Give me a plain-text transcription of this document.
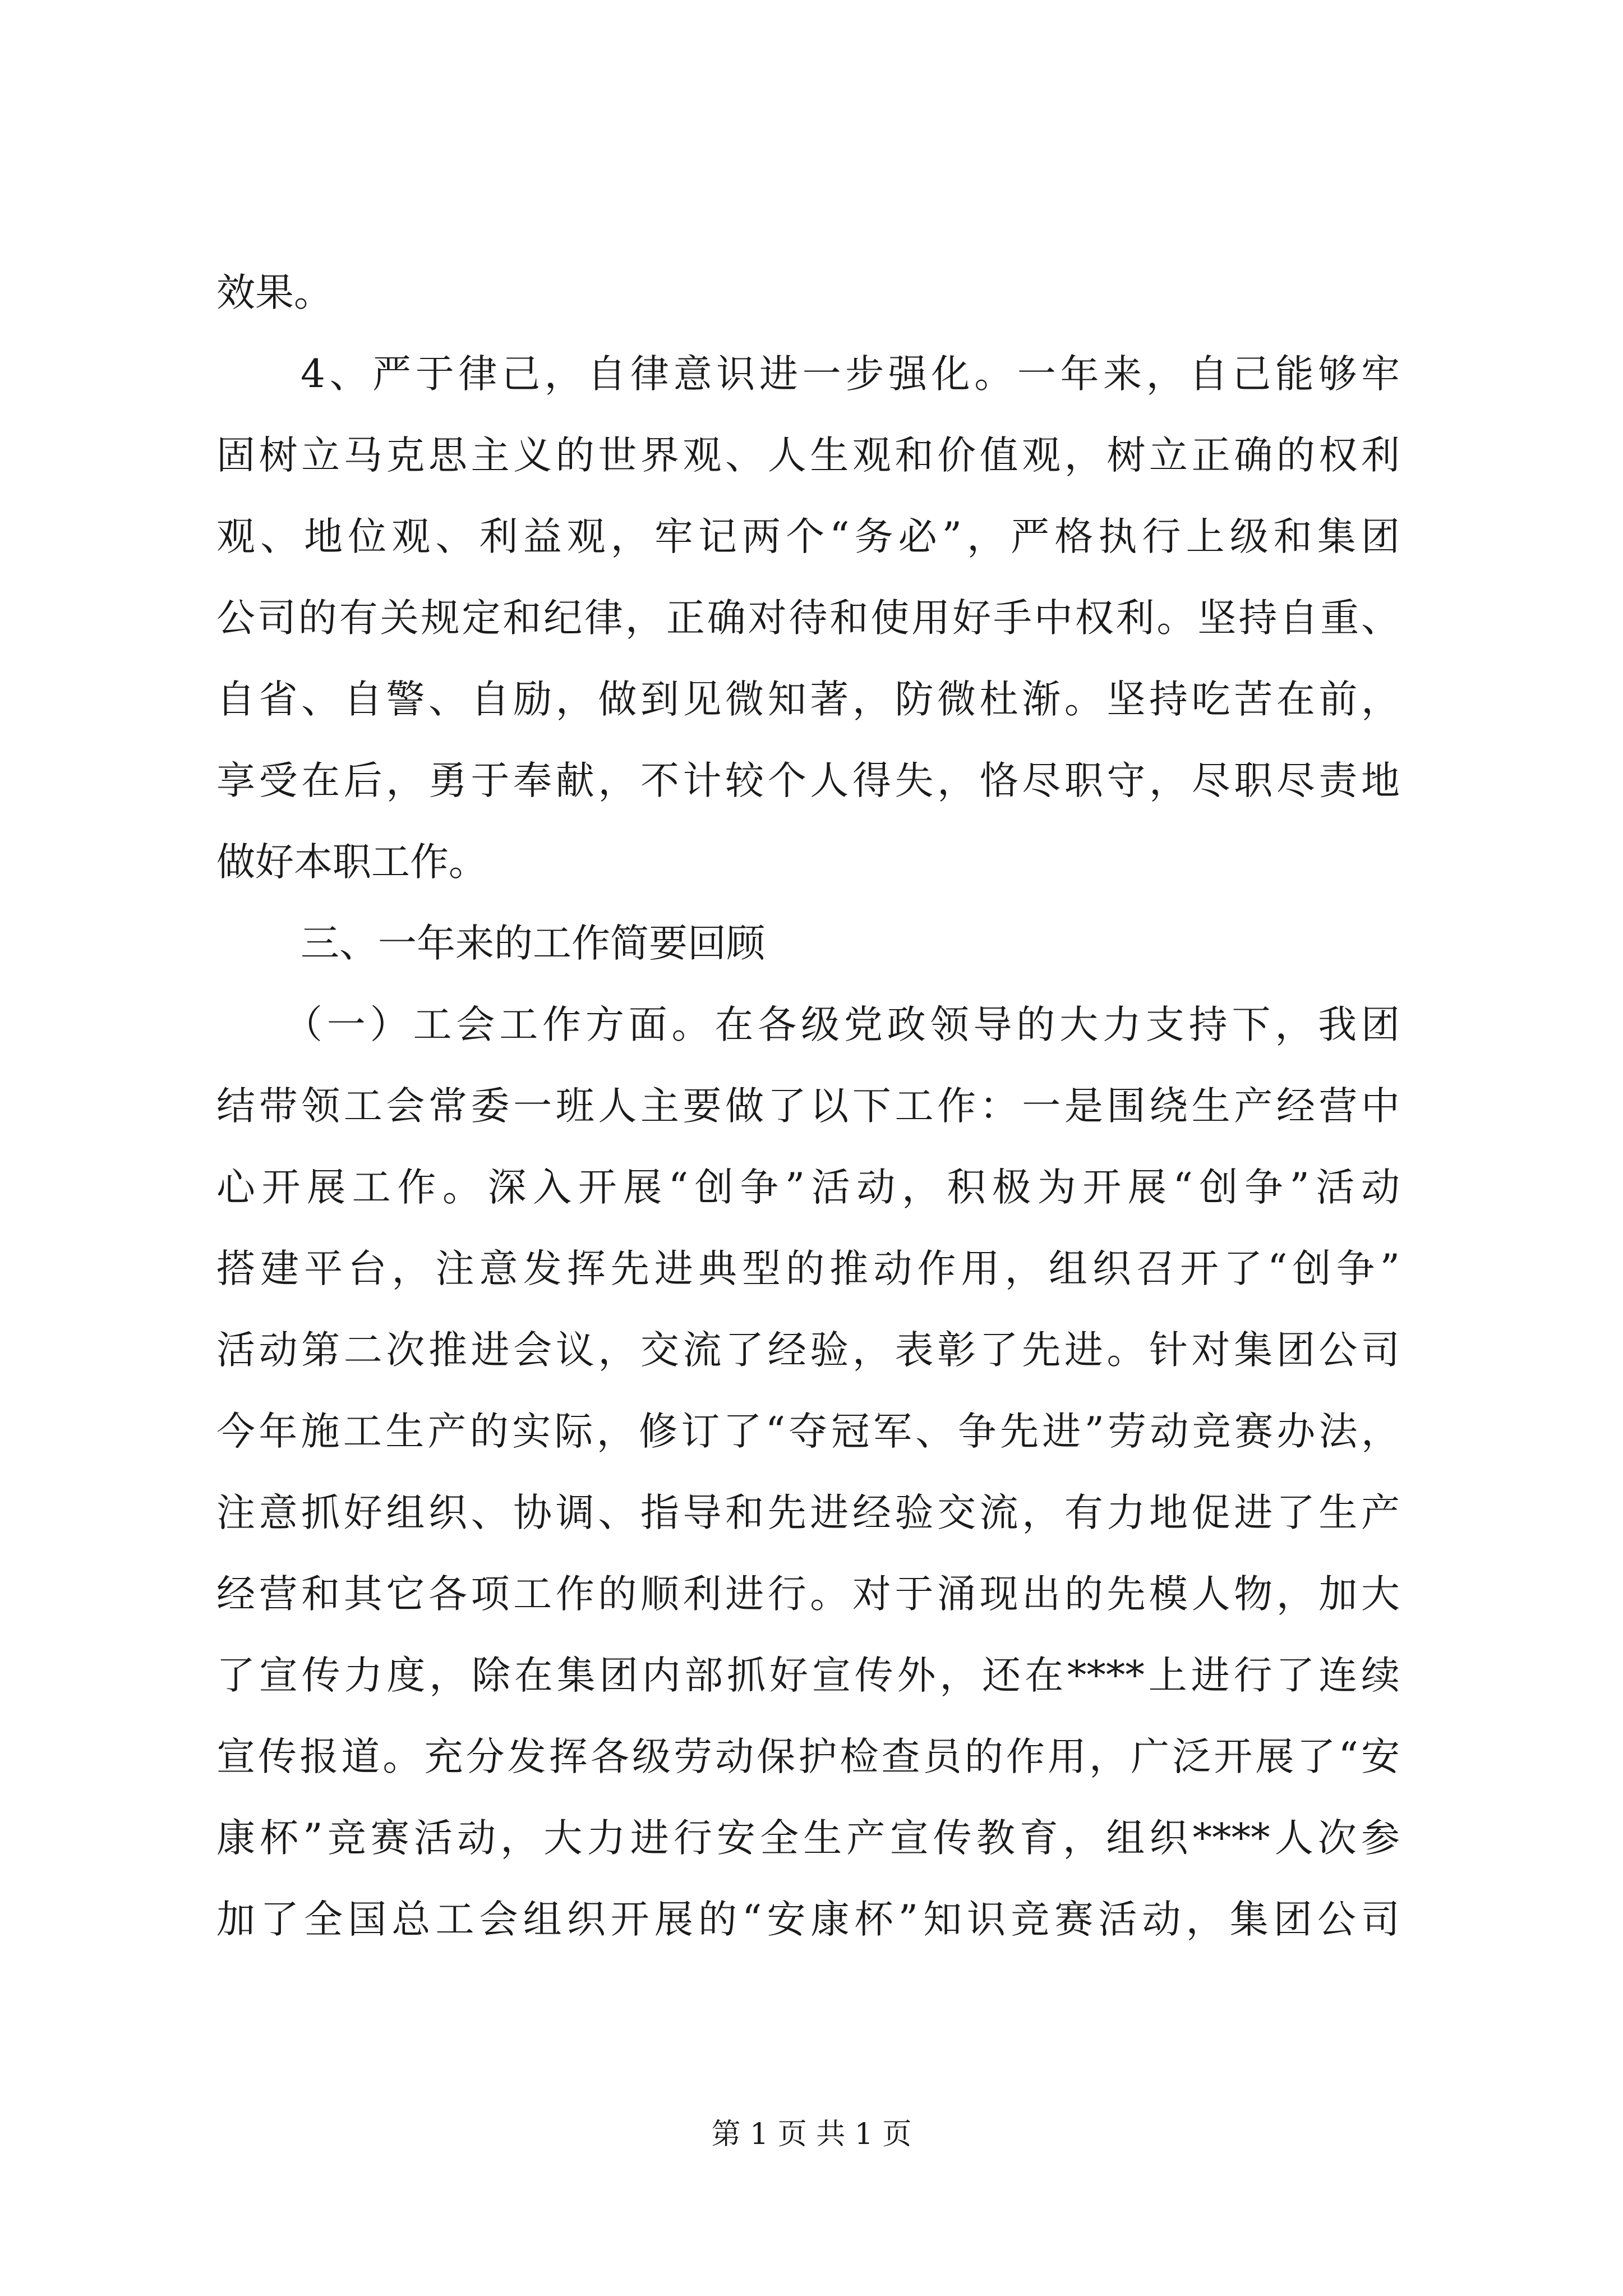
效果。
4、严于律己，自律意识进一步强化。一年来，自己能够牢
固树立马克思主义的世界观、人生观和价值观，树立正确的权利
观、地位观、利益观，牢记两个“务必”，严格执行上级和集团
公司的有关规定和纪律，正确对待和使用好手中权利。坚持自重、
自省、自警、自励，做到见微知著，防微杜渐。坚持吃苦在前，
享受在后，勇于奉献，不计较个人得失，恪尽职守，尽职尽责地
做好本职工作。
三、一年来的工作简要回顾
（一）工会工作方面。在各级党政领导的大力支持下，我团
结带领工会常委一班人主要做了以下工作：一是围绕生产经营中
心开展工作。深入开展“创争”活动，积极为开展“创争”活动
搭建平台，注意发挥先进典型的推动作用，组织召开了“创争”
活动第二次推进会议，交流了经验，表彰了先进。针对集团公司
今年施工生产的实际，修订了“夺冠军、争先进”劳动竞赛办法，
注意抓好组织、协调、指导和先进经验交流，有力地促进了生产
经营和其它各项工作的顺利进行。对于涌现出的先模人物，加大
了宣传力度，除在集团内部抓好宣传外，还在****上进行了连续
宣传报道。充分发挥各级劳动保护检查员的作用，广泛开展了“安
康杯”竞赛活动，大力进行安全生产宣传教育，组织****人次参
加了全国总工会组织开展的“安康杯”知识竞赛活动，集团公司
第 1 页 共 1 页
